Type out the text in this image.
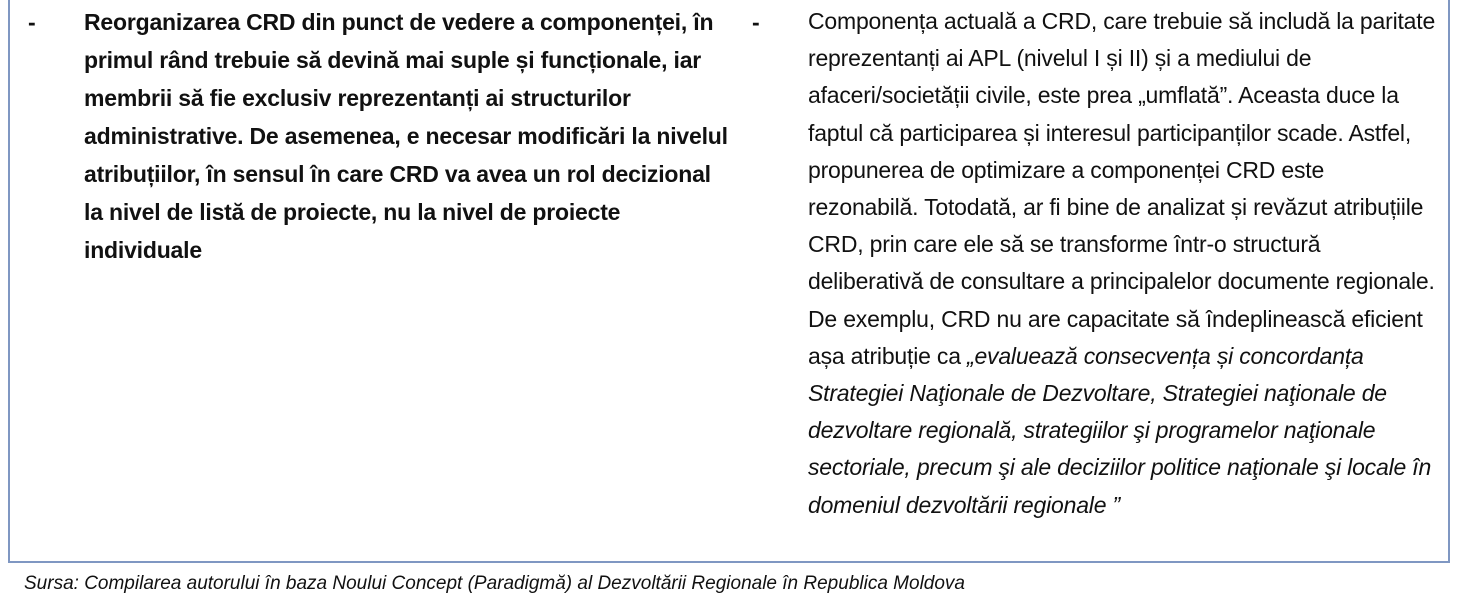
- Reorganizarea CRD din punct de vedere a componenței, în primul rând trebuie să devină mai suple și funcționale, iar membrii să fie exclusiv reprezentanți ai structurilor administrative. De asemenea, e necesar modificări la nivelul atribuțiilor, în sensul în care CRD va avea un rol decizional la nivel de listă de proiecte, nu la nivel de proiecte individuale
- Componența actuală a CRD, care trebuie să includă la paritate reprezentanți ai APL (nivelul I și II) și a mediului de afaceri/societății civile, este prea „umflată”. Aceasta duce la faptul că participarea și interesul participanților scade. Astfel, propunerea de optimizare a componenței CRD este rezonabilă. Totodată, ar fi bine de analizat și revăzut atribuțiile CRD, prin care ele să se transforme într-o structură deliberativă de consultare a principalelor documente regionale. De exemplu, CRD nu are capacitate să îndeplinească eficient așa atribuție ca „evaluează consecvența și concordanța Strategiei Naţionale de Dezvoltare, Strategiei naţionale de dezvoltare regională, strategiilor şi programelor naţionale sectoriale, precum şi ale deciziilor politice naţionale şi locale în domeniul dezvoltării regionale ”
Sursa: Compilarea autorului în baza Noului Concept (Paradigmă) al Dezvoltării Regionale în Republica Moldova
